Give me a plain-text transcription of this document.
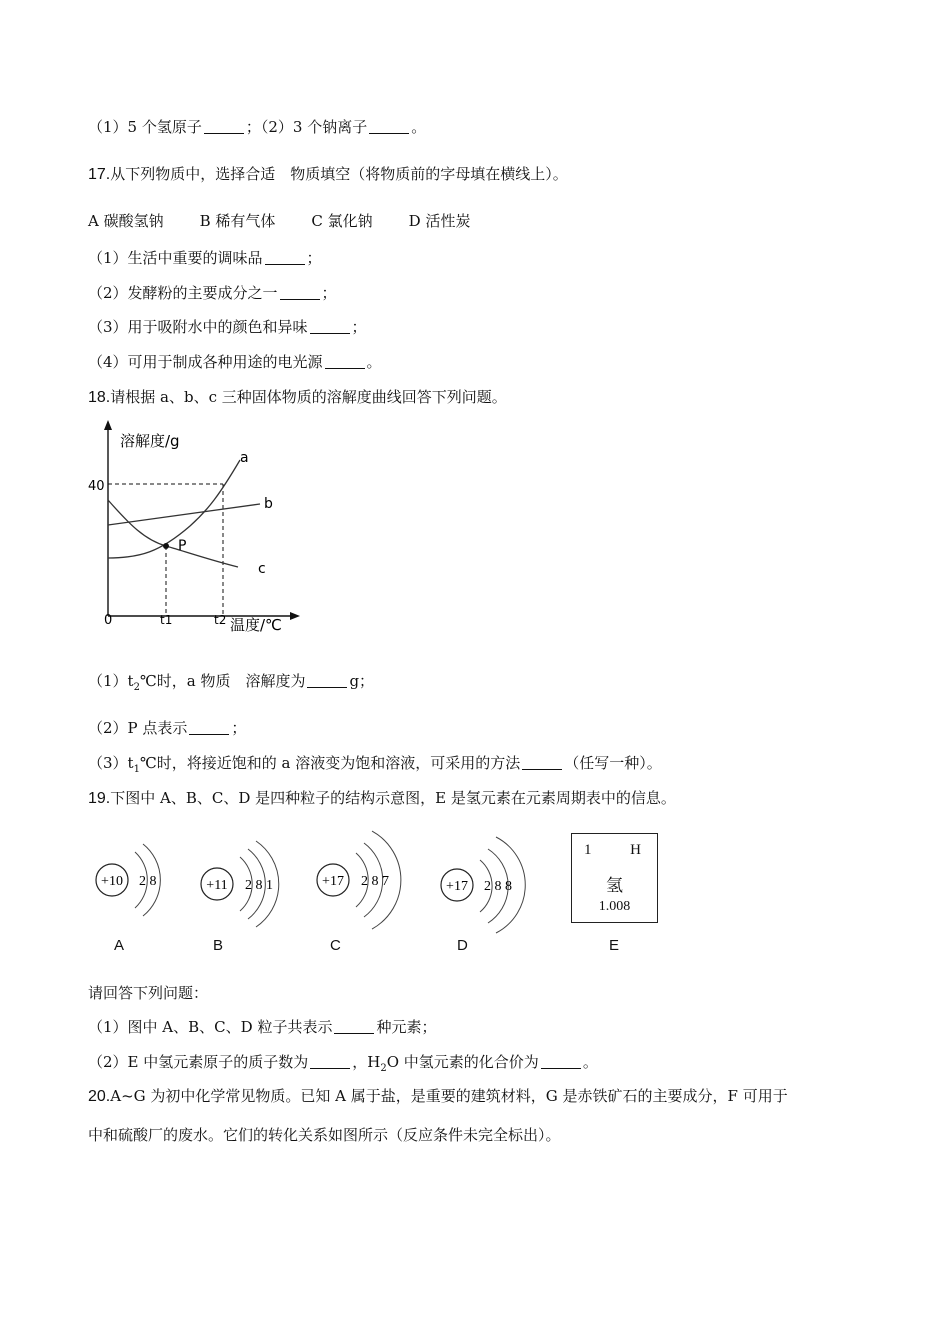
（1）5 个氢原子	；（2）3 个钠离子	。
17.从下列物质中，选择合适　物质填空（将物质前的字母填在横线上）。
A 碳酸氢钠 B 稀有气体 C 氯化钠 D 活性炭
（1）生活中重要的调味品	；
（2）发酵粉的主要成分之一	；
（3）用于吸附水中的颜色和异味	；
（4）可用于制成各种用途的电光源	。
18.请根据 a、b、c 三种固体物质的溶解度曲线回答下列问题。
溶解度/g
温度/℃
40
0	t1	t2
a
b
c
P
$(1)t_2℃$时，a 物质　溶解度为	g；
（2）P 点表示	；
$(3)t_1℃$时，将接近饱和的 a 溶液变为饱和溶液，可采用的方法	（任写一种）。
19.下图中 A、B、C、D 是四种粒子的结构示意图，E 是氢元素在元素周期表中的信息。
+10 2 8	+11 2 8 1	+17 2 8 7	+17 2 8 8
1	H
氢
1.008
A	B	C	D	E
请回答下列问题：
（1）图中 A、B、C、D 粒子共表示	种元素；
（2）E 中氢元素原子的质子数为	，$H_2O$ 中氢元素的化合价为	。
20.A~G 为初中化学常见物质。已知 A 属于盐，是重要的建筑材料，G 是赤铁矿石的主要成分，F 可用于
中和硫酸厂的废水。它们的转化关系如图所示（反应条件未完全标出）。
